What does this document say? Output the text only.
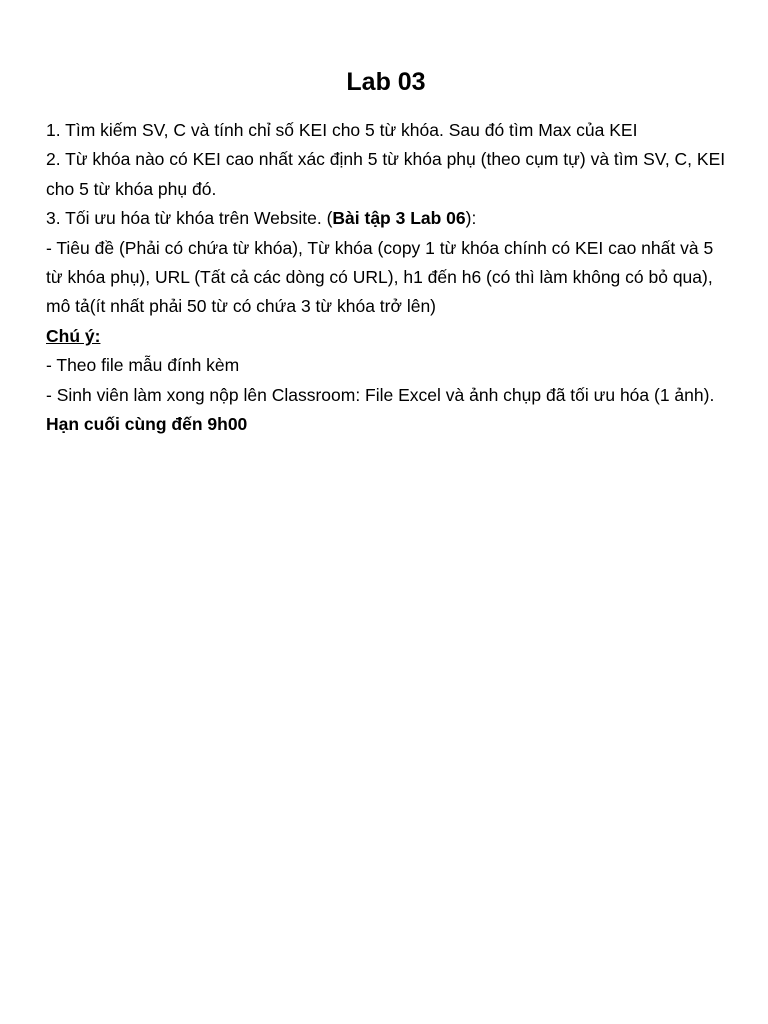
Lab 03

1. Tìm kiếm SV, C và tính chỉ số KEI cho 5 từ khóa. Sau đó tìm Max của KEI

2. Từ khóa nào có KEI cao nhất xác định 5 từ khóa phụ (theo cụm tự) và tìm SV, C, KEI cho 5 từ khóa phụ đó.

3. Tối ưu hóa từ khóa trên Website. (Bài tập 3 Lab 06):

- Tiêu đề (Phải có chứa từ khóa), Từ khóa (copy 1 từ khóa chính có KEI cao nhất và 5 từ khóa phụ), URL (Tất cả các dòng có URL), h1 đến h6 (có thì làm không có bỏ qua), mô tả(ít nhất phải 50 từ có chứa 3 từ khóa trở lên)

Chú ý:

- Theo file mẫu đính kèm

- Sinh viên làm xong nộp lên Classroom: File Excel và ảnh chụp đã tối ưu hóa (1 ảnh). Hạn cuối cùng đến 9h00
